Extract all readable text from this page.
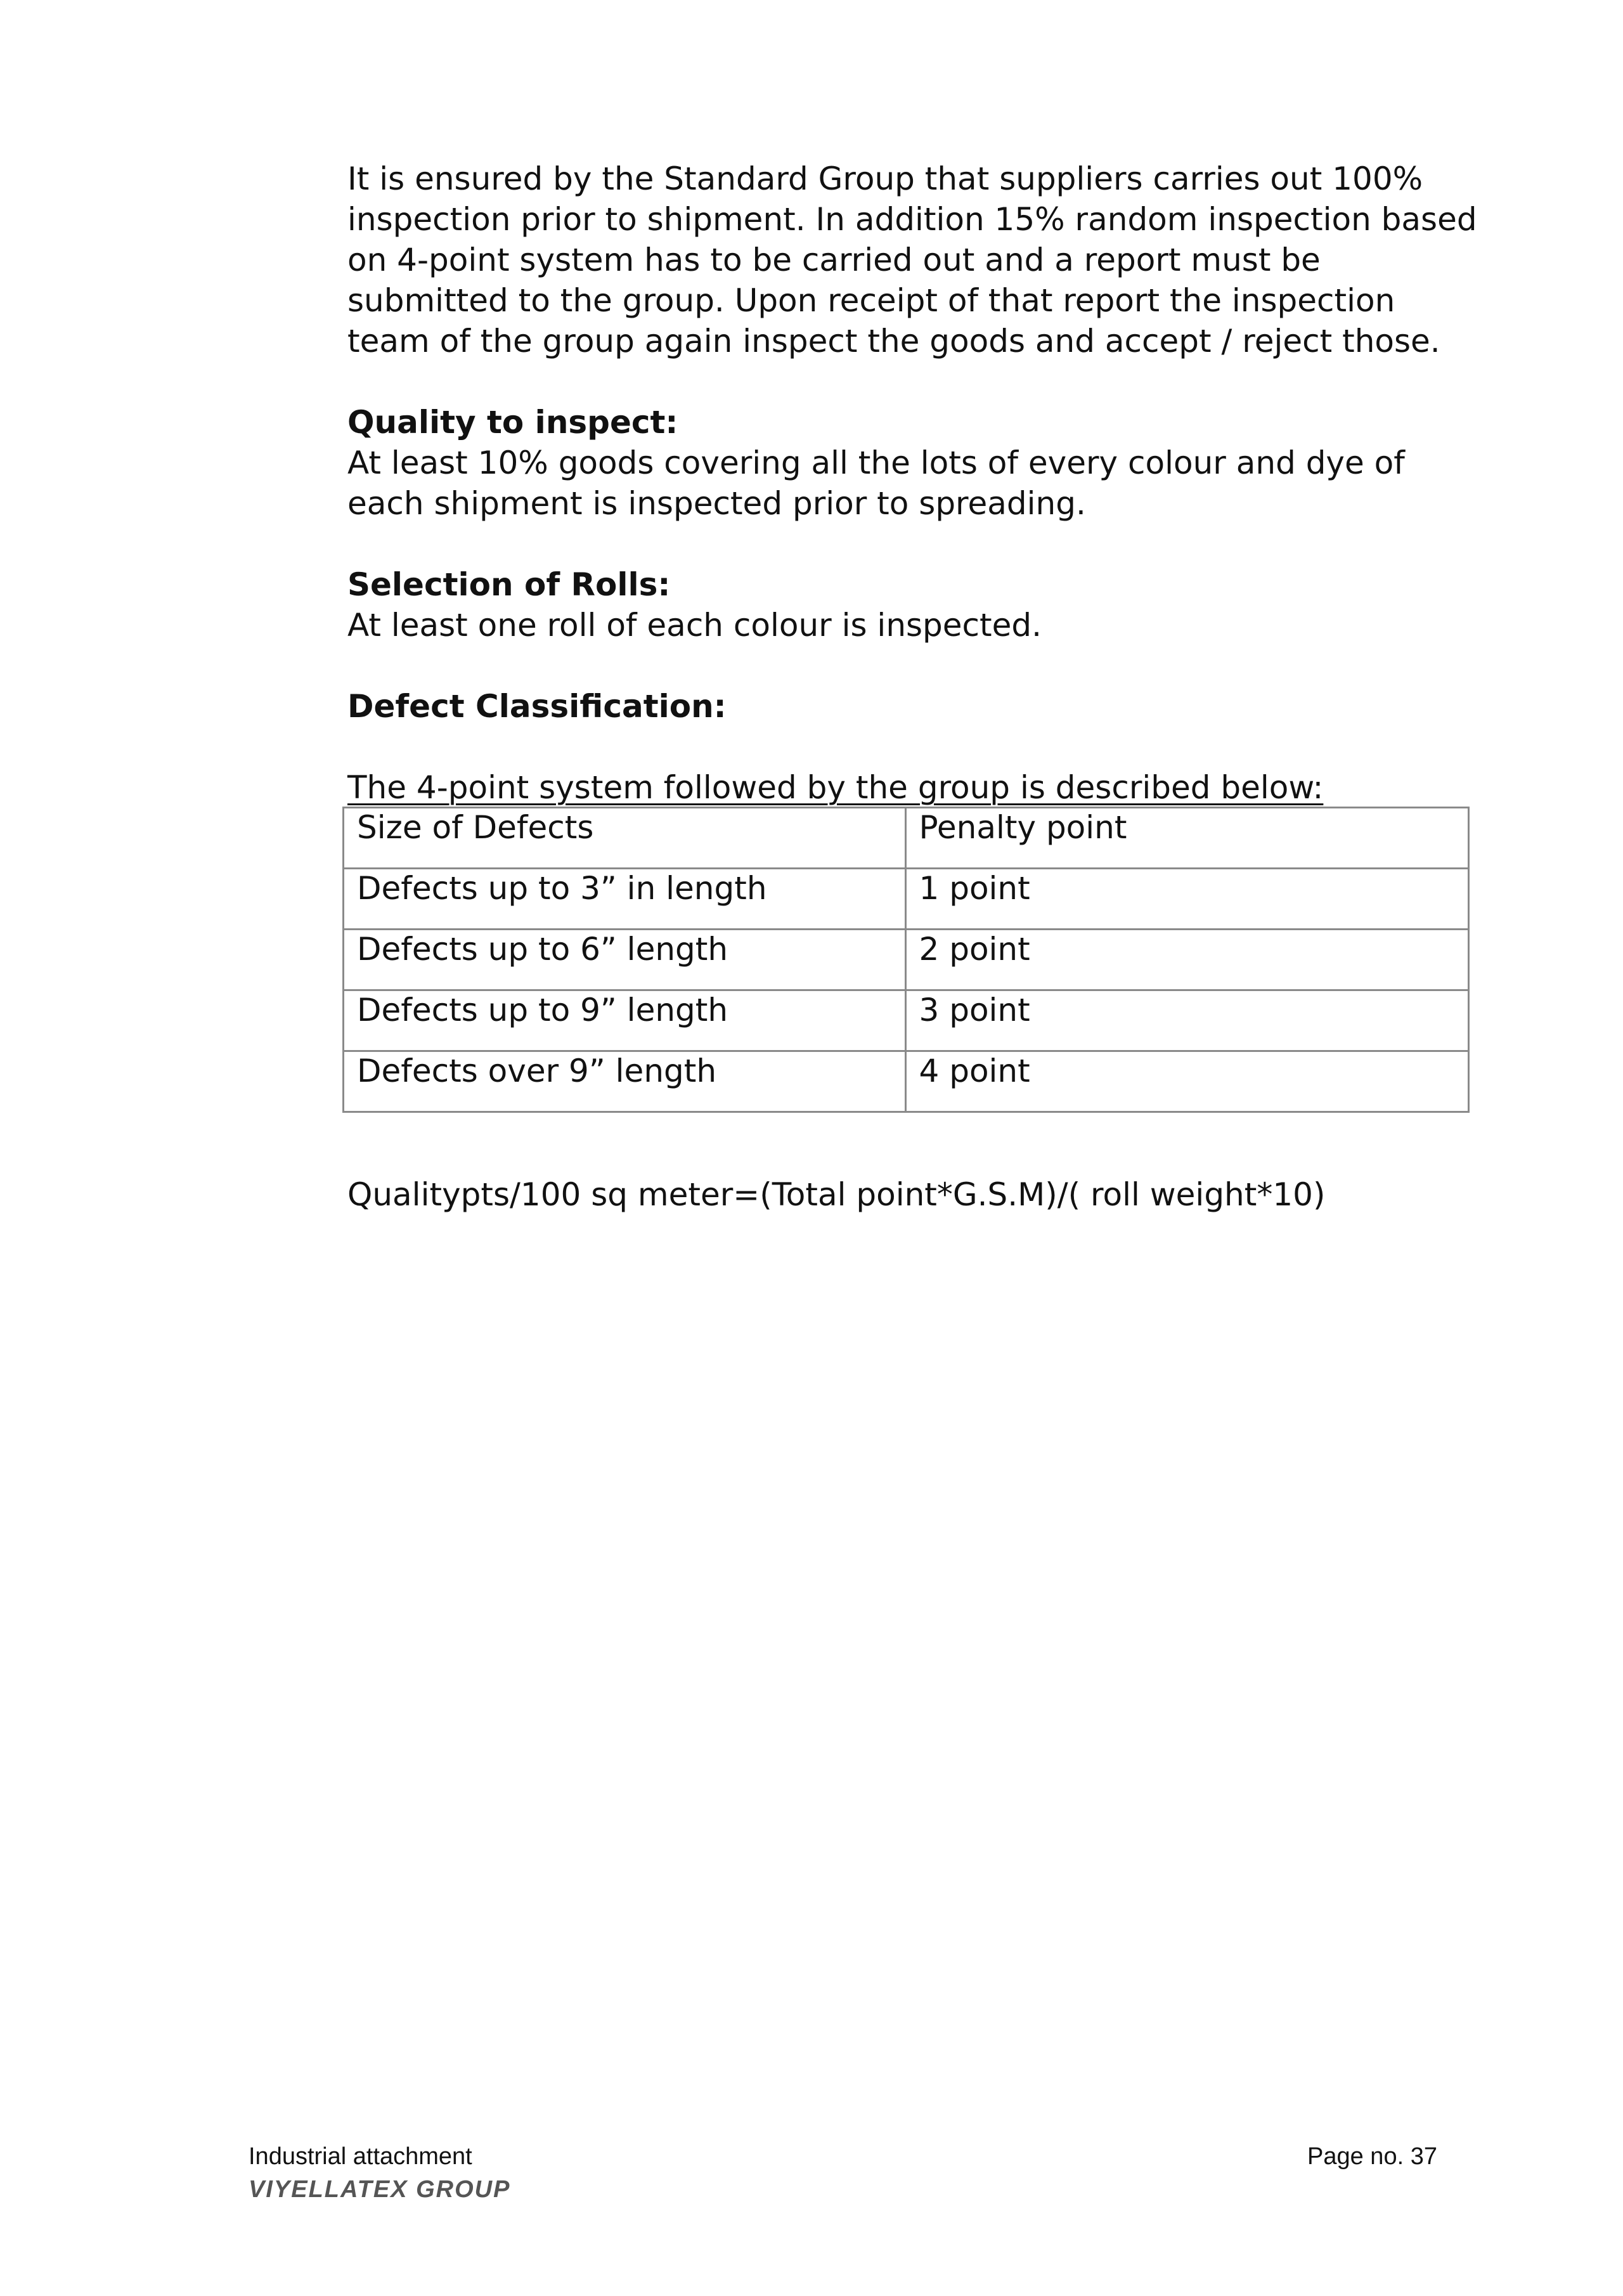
It is ensured by the Standard Group that suppliers carries out 100%

inspection prior to shipment. In addition 15% random inspection based

on 4-point system has to be carried out and a report must be

submitted to the group. Upon receipt of that report the inspection

team of the group again inspect the goods and accept / reject those.

Quality to inspect:

At least 10% goods covering all the lots of every colour and dye of

each shipment is inspected prior to spreading.

Selection of Rolls:

At least one roll of each colour is inspected.

Defect Classification:

The 4-point system followed by the group is described below:

Size of Defects	Penalty point
Defects up to 3” in length	1 point
Defects up to 6” length	2 point
Defects up to 9” length	3 point
Defects over 9” length	4 point

Qualitypts/100 sq meter=(Total point*G.S.M)/( roll weight*10)

Industrial attachment
VIYELLATEX GROUP
Page no. 37
